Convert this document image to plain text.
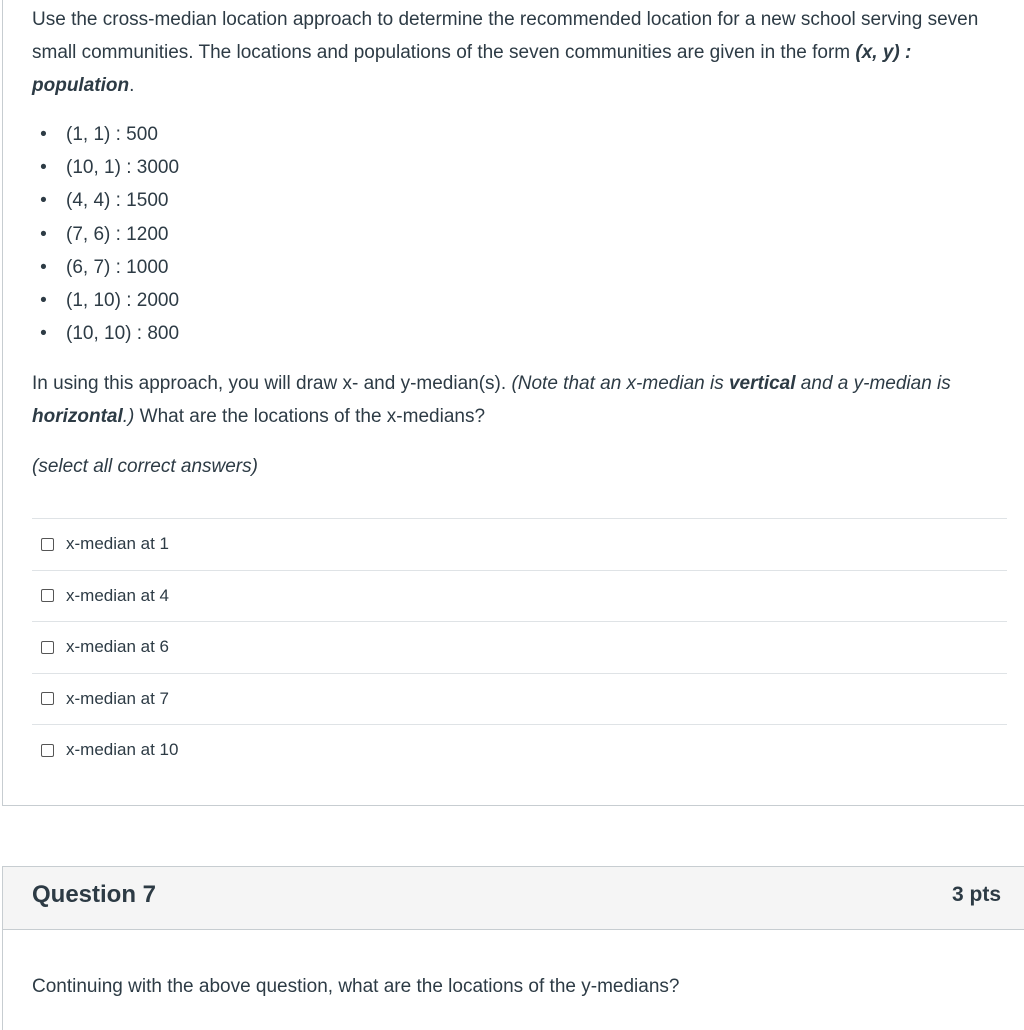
Use the cross-median location approach to determine the recommended location for a new school serving seven small communities. The locations and populations of the seven communities are given in the form (x, y) : population.

•	(1, 1) : 500
•	(10, 1) : 3000
•	(4, 4) : 1500
•	(7, 6) : 1200
•	(6, 7) : 1000
•	(1, 10) : 2000
•	(10, 10) : 800

In using this approach, you will draw x- and y-median(s). (Note that an x-median is vertical and a y-median is horizontal.) What are the locations of the x-medians?

(select all correct answers)

x-median at 1
x-median at 4
x-median at 6
x-median at 7
x-median at 10
Question 7	3 pts
Continuing with the above question, what are the locations of the y-medians?
